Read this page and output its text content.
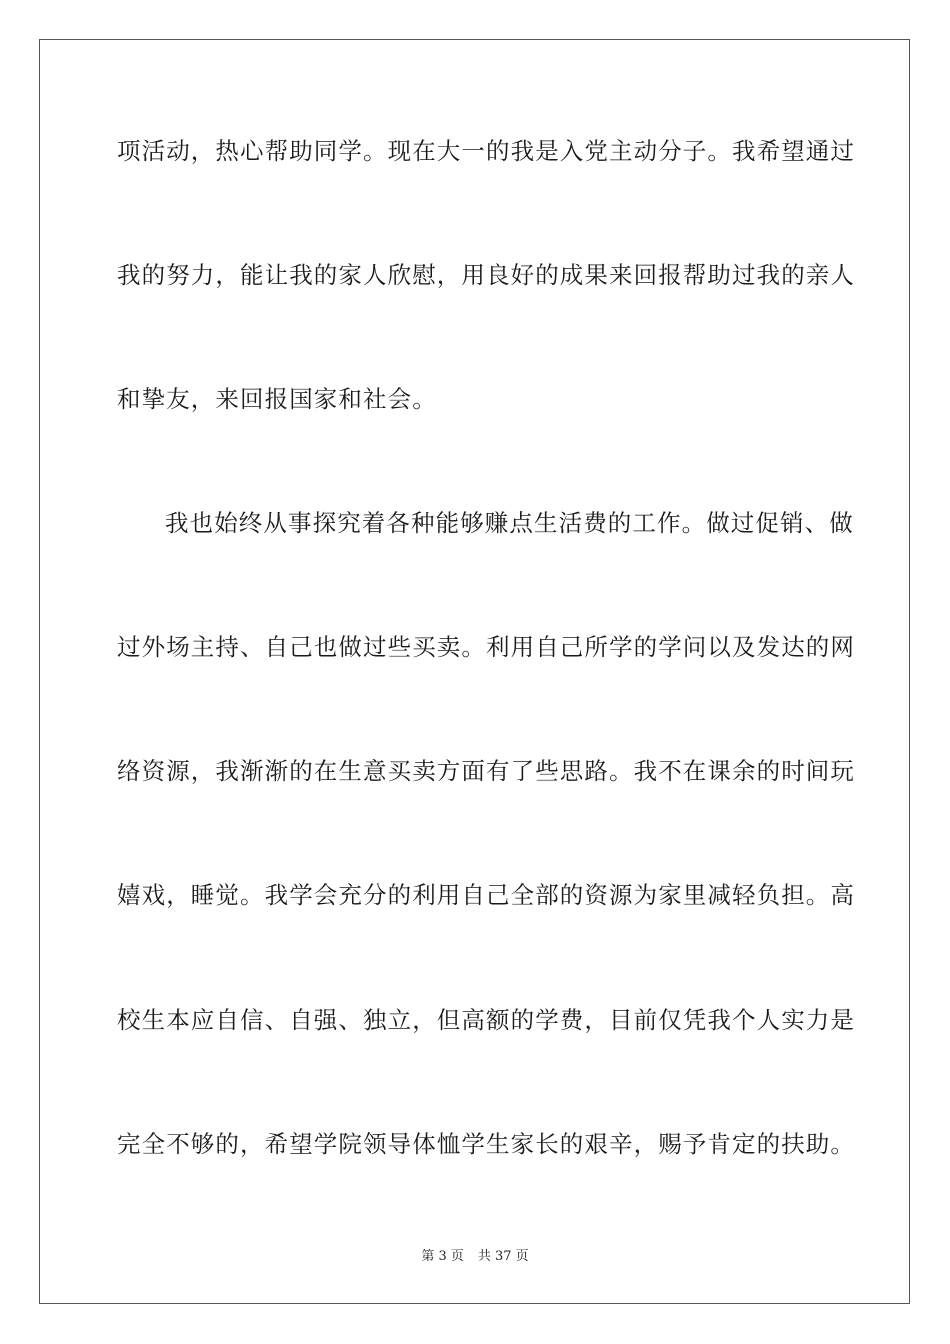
项活动，热心帮助同学。现在大一的我是入党主动分子。我希望通过
我的努力，能让我的家人欣慰，用良好的成果来回报帮助过我的亲人
和挚友，来回报国家和社会。
我也始终从事探究着各种能够赚点生活费的工作。做过促销、做
过外场主持、自己也做过些买卖。利用自己所学的学问以及发达的网
络资源，我渐渐的在生意买卖方面有了些思路。我不在课余的时间玩
嬉戏，睡觉。我学会充分的利用自己全部的资源为家里减轻负担。高
校生本应自信、自强、独立，但高额的学费，目前仅凭我个人实力是
完全不够的，希望学院领导体恤学生家长的艰辛，赐予肯定的扶助。
第 3 页 共 37 页
